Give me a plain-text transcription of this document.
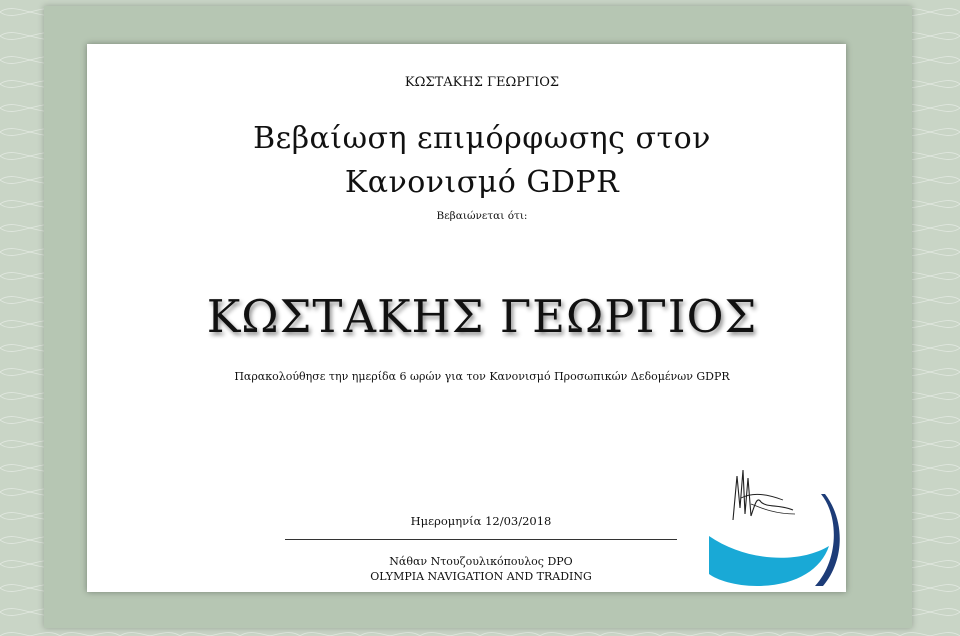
ΚΩΣΤΑΚΗΣ ΓΕΩΡΓΙΟΣ
Βεβαίωση επιμόρφωσης στον
Κανονισμό GDPR
Βεβαιώνεται ότι:
ΚΩΣΤΑΚΗΣ ΓΕΩΡΓΙΟΣ
Παρακολούθησε την ημερίδα 6 ωρών για τον Κανονισμό Προσωπικών Δεδομένων GDPR
Ημερομηνία 12/03/2018
Νάθαν Ντουζουλικόπουλος DPO
OLYMPIA NAVIGATION AND TRADING
